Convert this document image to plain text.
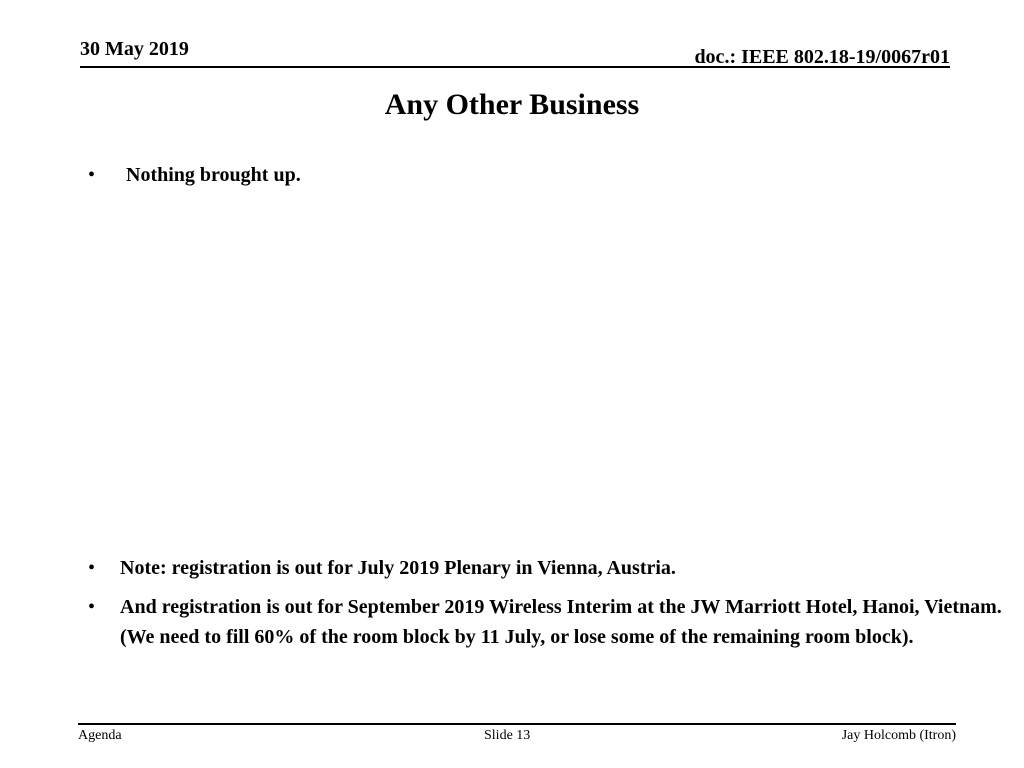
30 May 2019	doc.: IEEE 802.18-19/0067r01
Any Other Business
•	Nothing brought up.
•	Note: registration is out for July 2019 Plenary in Vienna, Austria.
•	And registration is out for September 2019 Wireless Interim at the JW Marriott Hotel, Hanoi, Vietnam. (We need to fill 60% of the room block by 11 July, or lose some of the remaining room block).
Agenda	Slide 13	Jay Holcomb (Itron)
